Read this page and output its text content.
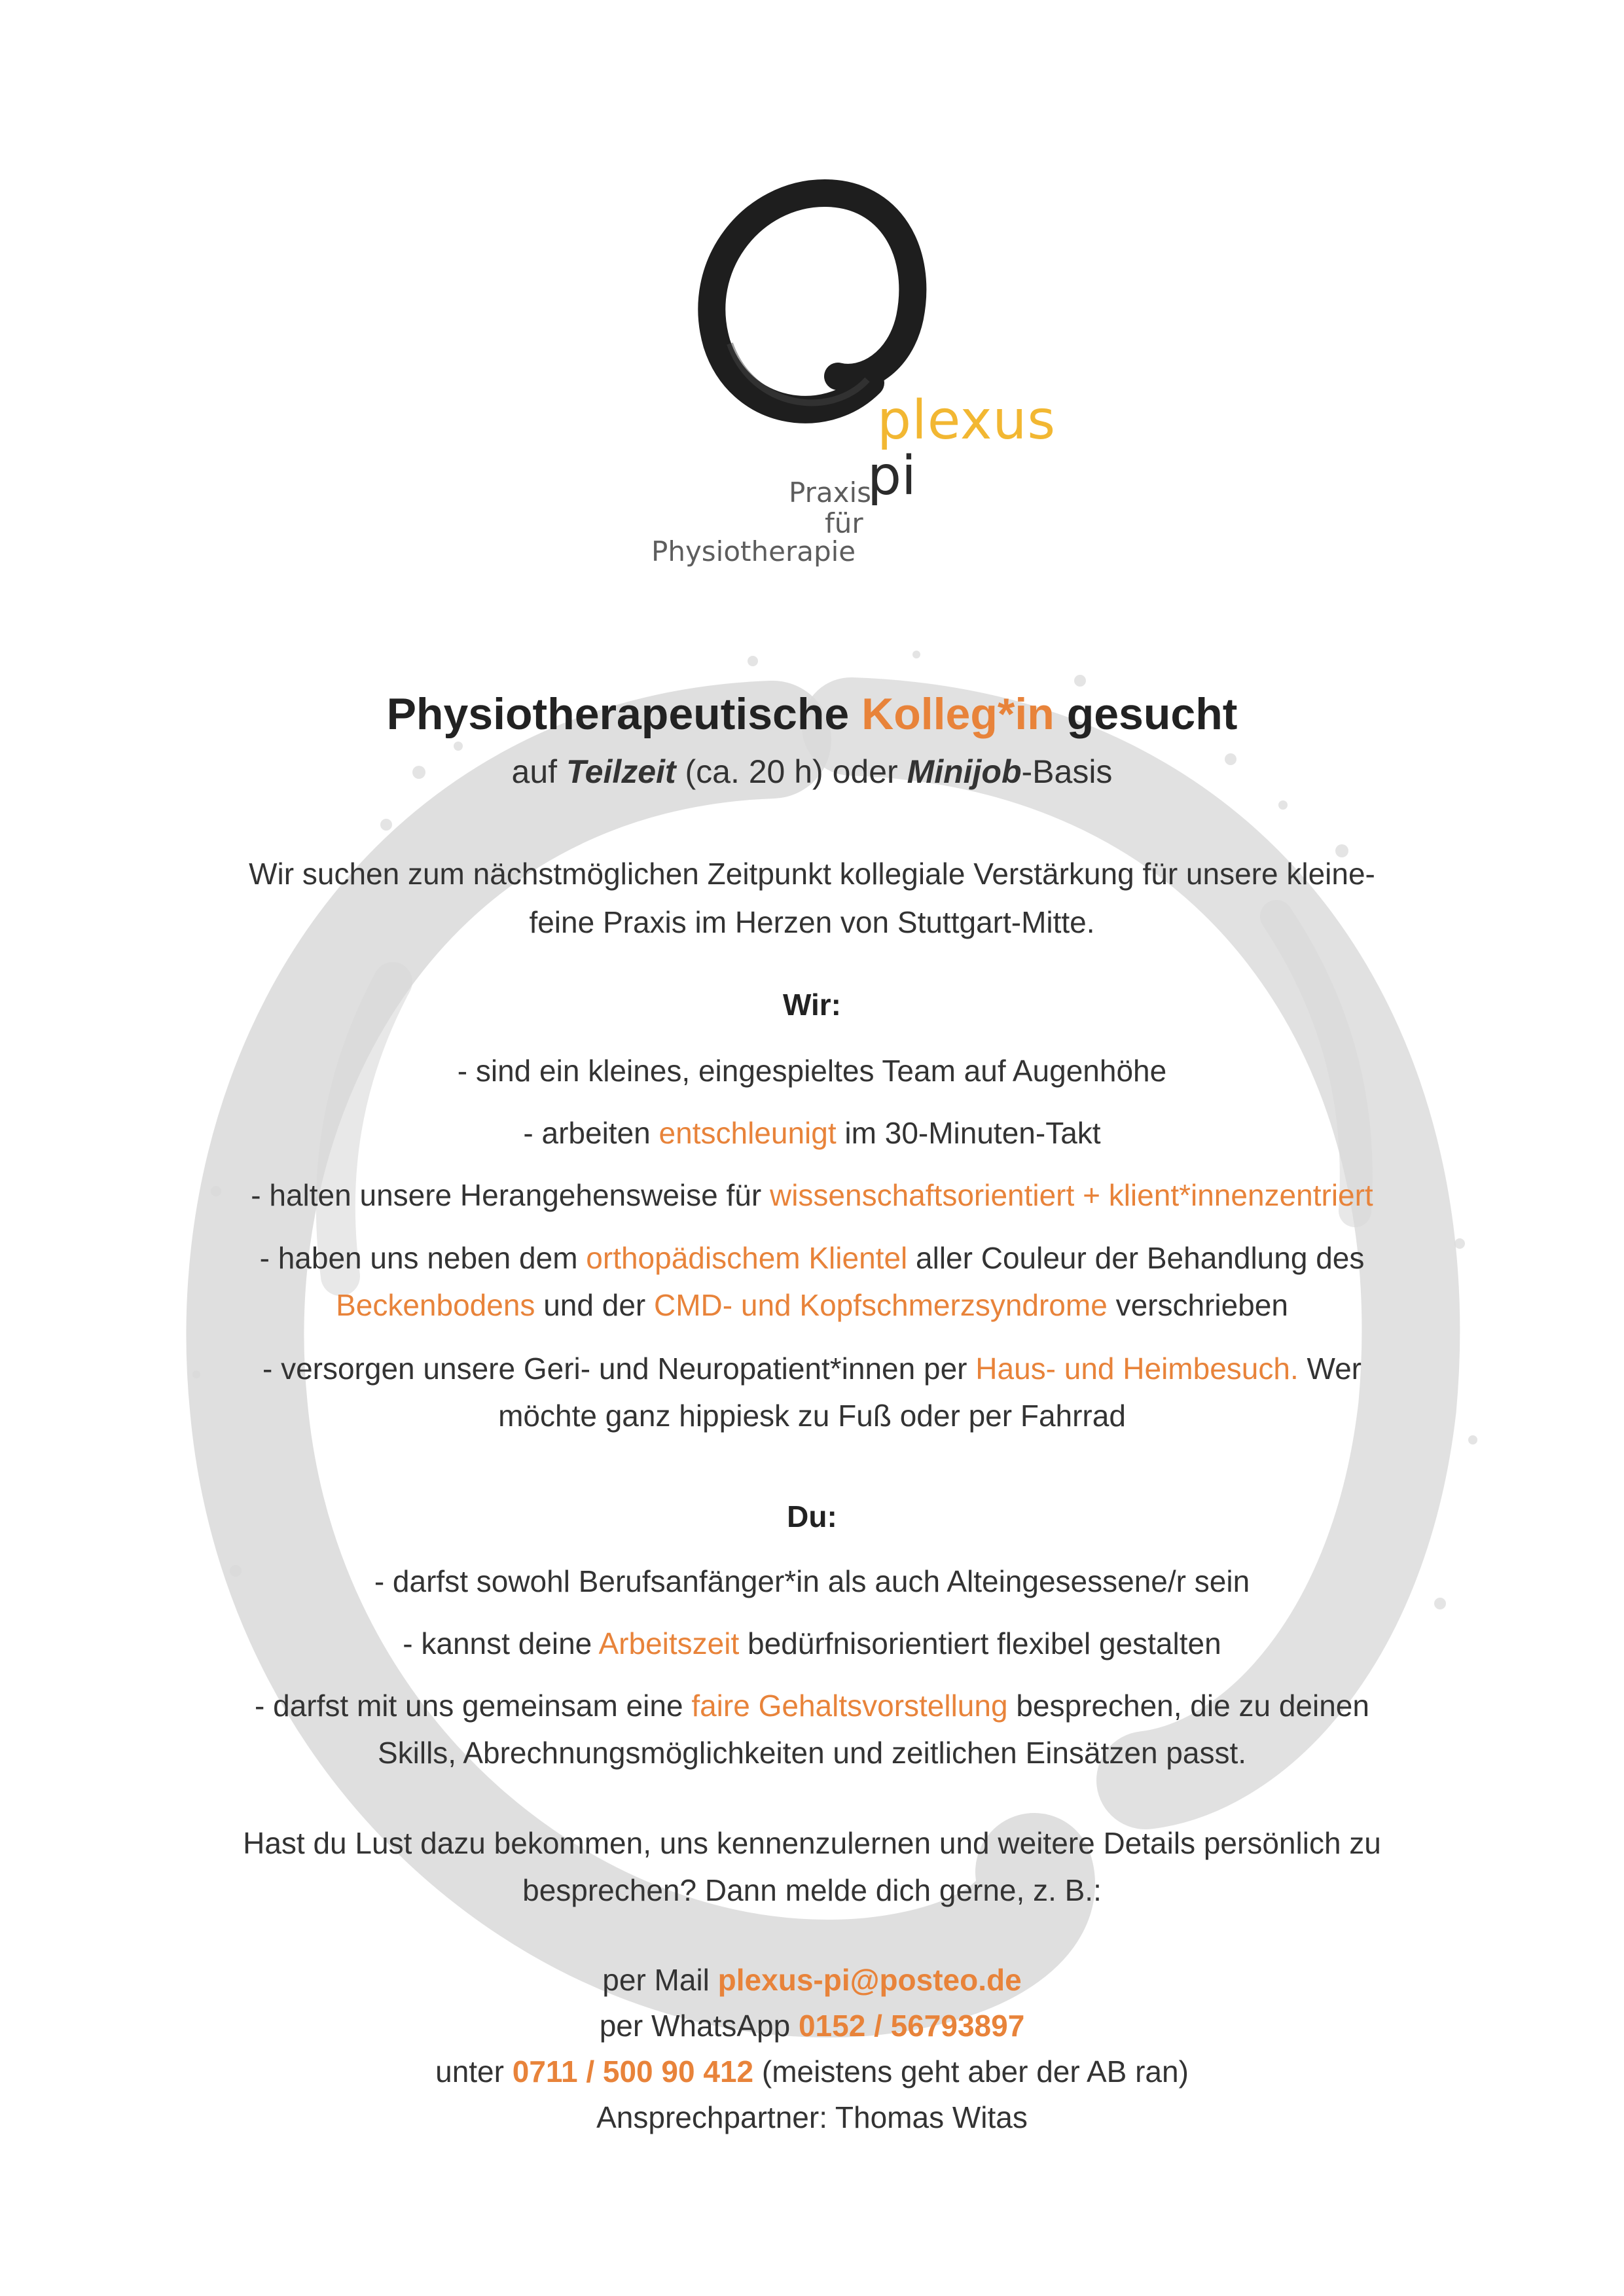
plexus
pi
Praxis
für
Physiotherapie
Physiotherapeutische Kolleg*in gesucht
auf Teilzeit (ca. 20 h) oder Minijob-Basis
Wir suchen zum nächstmöglichen Zeitpunkt kollegiale Verstärkung für unsere kleine-
feine Praxis im Herzen von Stuttgart-Mitte.
Wir:
- sind ein kleines, eingespieltes Team auf Augenhöhe
- arbeiten entschleunigt im 30-Minuten-Takt
- halten unsere Herangehensweise für wissenschaftsorientiert + klient*innenzentriert
- haben uns neben dem orthopädischem Klientel aller Couleur der Behandlung des
Beckenbodens und der CMD- und Kopfschmerzsyndrome verschrieben
- versorgen unsere Geri- und Neuropatient*innen per Haus- und Heimbesuch. Wer
möchte ganz hippiesk zu Fuß oder per Fahrrad
Du:
- darfst sowohl Berufsanfänger*in als auch Alteingesessene/r sein
- kannst deine Arbeitszeit bedürfnisorientiert flexibel gestalten
- darfst mit uns gemeinsam eine faire Gehaltsvorstellung besprechen, die zu deinen
Skills, Abrechnungsmöglichkeiten und zeitlichen Einsätzen passt.
Hast du Lust dazu bekommen, uns kennenzulernen und weitere Details persönlich zu
besprechen? Dann melde dich gerne, z. B.:
per Mail plexus-pi@posteo.de
per WhatsApp 0152 / 56793897
unter 0711 / 500 90 412 (meistens geht aber der AB ran)
Ansprechpartner: Thomas Witas
